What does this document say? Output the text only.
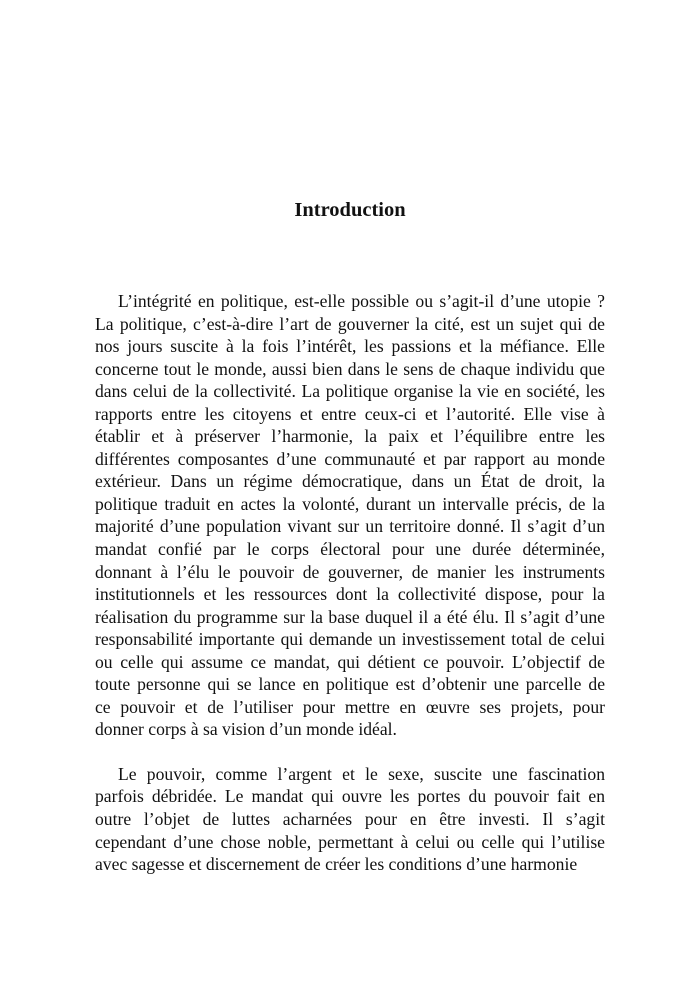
Introduction

L’intégrité en politique, est-elle possible ou s’agit-il d’une utopie ?
La politique, c’est-à-dire l’art de gouverner la cité, est un sujet qui de
nos jours suscite à la fois l’intérêt, les passions et la méfiance. Elle
concerne tout le monde, aussi bien dans le sens de chaque individu que
dans celui de la collectivité. La politique organise la vie en société, les
rapports entre les citoyens et entre ceux-ci et l’autorité. Elle vise à
établir et à préserver l’harmonie, la paix et l’équilibre entre les
différentes composantes d’une communauté et par rapport au monde
extérieur. Dans un régime démocratique, dans un État de droit, la
politique traduit en actes la volonté, durant un intervalle précis, de la
majorité d’une population vivant sur un territoire donné. Il s’agit d’un
mandat confié par le corps électoral pour une durée déterminée,
donnant à l’élu le pouvoir de gouverner, de manier les instruments
institutionnels et les ressources dont la collectivité dispose, pour la
réalisation du programme sur la base duquel il a été élu. Il s’agit d’une
responsabilité importante qui demande un investissement total de celui
ou celle qui assume ce mandat, qui détient ce pouvoir. L’objectif de
toute personne qui se lance en politique est d’obtenir une parcelle de
ce pouvoir et de l’utiliser pour mettre en œuvre ses projets, pour
donner corps à sa vision d’un monde idéal.

Le pouvoir, comme l’argent et le sexe, suscite une fascination
parfois débridée. Le mandat qui ouvre les portes du pouvoir fait en
outre l’objet de luttes acharnées pour en être investi. Il s’agit
cependant d’une chose noble, permettant à celui ou celle qui l’utilise
avec sagesse et discernement de créer les conditions d’une harmonie
